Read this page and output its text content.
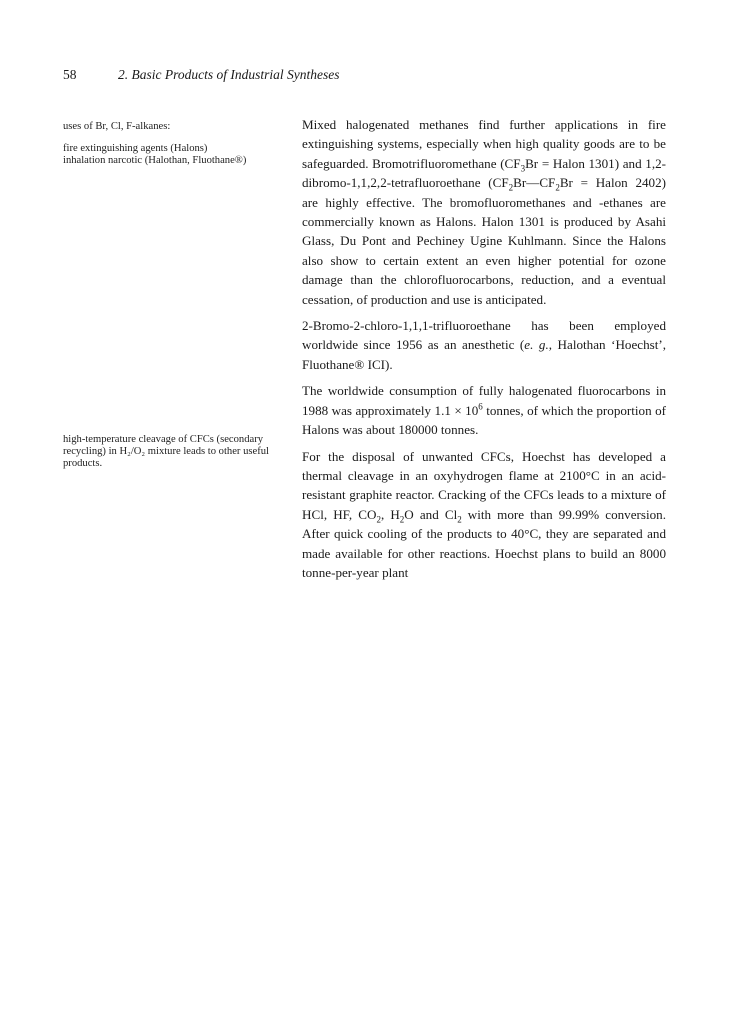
58	2. Basic Products of Industrial Syntheses
uses of Br, Cl, F-alkanes:
fire extinguishing agents (Halons)
inhalation narcotic (Halothan, Fluothane®)
high-temperature cleavage of CFCs (secondary recycling) in H₂/O₂ mixture leads to other useful products.

Mixed halogenated methanes find further applications in fire extinguishing systems, especially when high quality goods are to be safeguarded. Bromotrifluoromethane ($CF_3Br$ = Halon 1301) and 1,2-dibromo-1,1,2,2-tetrafluoroethane ($CF_2Br—CF_2Br$ = Halon 2402) are highly effective. The bromofluoromethanes and -ethanes are commercially known as Halons. Halon 1301 is produced by Asahi Glass, Du Pont and Pechiney Ugine Kuhlmann. Since the Halons also show to certain extent an even higher potential for ozone damage than the chlorofluorocarbons, reduction, and a eventual cessation, of production and use is anticipated.

2-Bromo-2-chloro-1,1,1-trifluoroethane has been employed worldwide since 1956 as an anesthetic (e. g., Halothan ‘Hoechst’, Fluothane® ICI).

The worldwide consumption of fully halogenated fluorocarbons in 1988 was approximately $1.1 \times 10^6$ tonnes, of which the proportion of Halons was about 180000 tonnes.

For the disposal of unwanted CFCs, Hoechst has developed a thermal cleavage in an oxyhydrogen flame at 2100°C in an acid-resistant graphite reactor. Cracking of the CFCs leads to a mixture of HCl, HF, $CO_2$, $H_2O$ and $Cl_2$ with more than 99.99% conversion. After quick cooling of the products to 40°C, they are separated and made available for other reactions. Hoechst plans to build an 8000 tonne-per-year plant
